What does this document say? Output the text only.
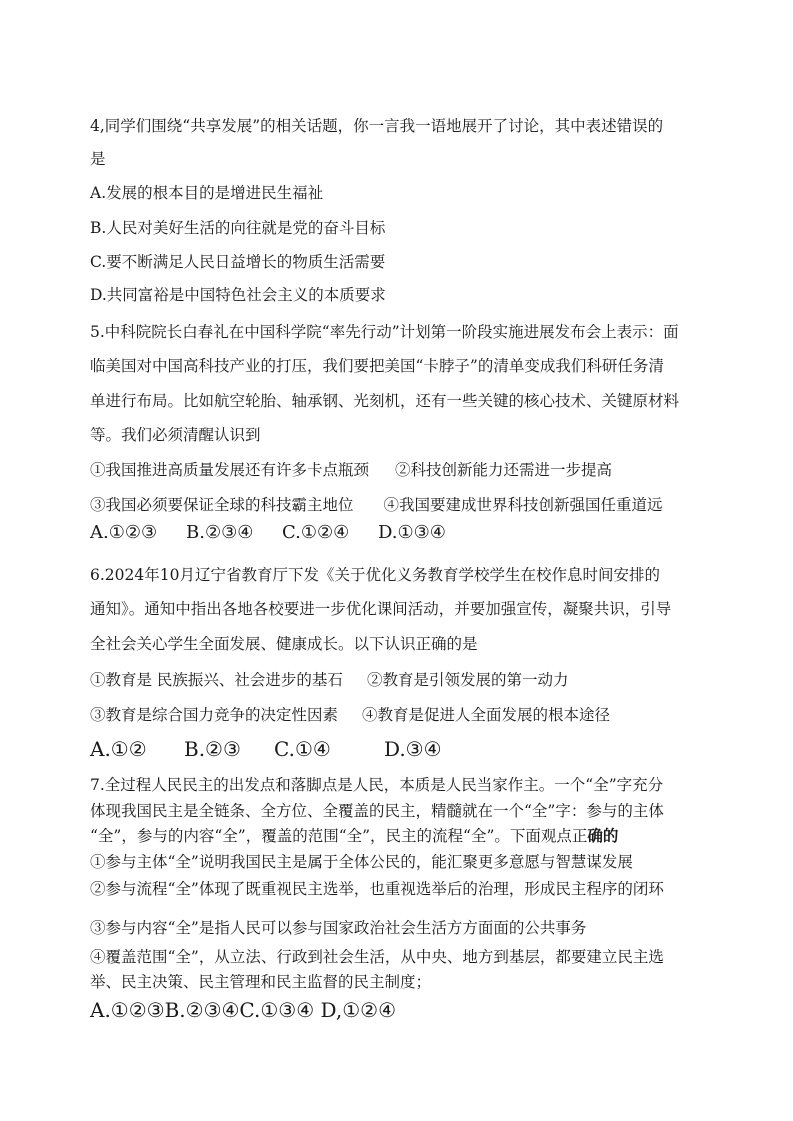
4,同学们围绕“共享发展”的相关话题，你一言我一语地展开了讨论，其中表述错误的
是
A.发展的根本目的是增进民生福祉
B.人民对美好生活的向往就是党的奋斗目标
C.要不断满足人民日益增长的物质生活需要
D.共同富裕是中国特色社会主义的本质要求
5.中科院院长白春礼在中国科学院“率先行动”计划第一阶段实施进展发布会上表示：面
临美国对中国高科技产业的打压，我们要把美国“卡脖子”的清单变成我们科研任务清
单进行布局。比如航空轮胎、轴承钢、光刻机，还有一些关键的核心技术、关键原材料
等。我们必须清醒认识到
①我国推进高质量发展还有许多卡点瓶颈 ②科技创新能力还需进一步提高
③我国必须要保证全球的科技霸主地位 ④我国要建成世界科技创新强国任重道远
A.①②③ B.②③④ C.①②④ D.①③④
6.2024年10月辽宁省教育厅下发《关于优化义务教育学校学生在校作息时间安排的
通知》。通知中指出各地各校要进一步优化课间活动，并要加强宣传，凝聚共识，引导
全社会关心学生全面发展、健康成长。以下认识正确的是
①教育是 民族振兴、社会进步的基石 ②教育是引领发展的第一动力
③教育是综合国力竞争的决定性因素 ④教育是促进人全面发展的根本途径
A.①② B.②③ C.①④	D.③④
7.全过程人民民主的出发点和落脚点是人民，本质是人民当家作主。一个“全”字充分
体现我国民主是全链条、全方位、全覆盖的民主，精髓就在一个“全”字：参与的主体
“全”，参与的内容“全”，覆盖的范围“全”，民主的流程“全”。下面观点正确的
①参与主体“全”说明我国民主是属于全体公民的，能汇聚更多意愿与智慧谋发展
②参与流程“全”体现了既重视民主选举，也重视选举后的治理，形成民主程序的闭环
③参与内容“全”是指人民可以参与国家政治社会生活方方面面的公共事务
④覆盖范围“全”，从立法、行政到社会生活，从中央、地方到基层，都要建立民主选
举、民主决策、民主管理和民主监督的民主制度；
A.①②③B.②③④C.①③④ D,①②④
